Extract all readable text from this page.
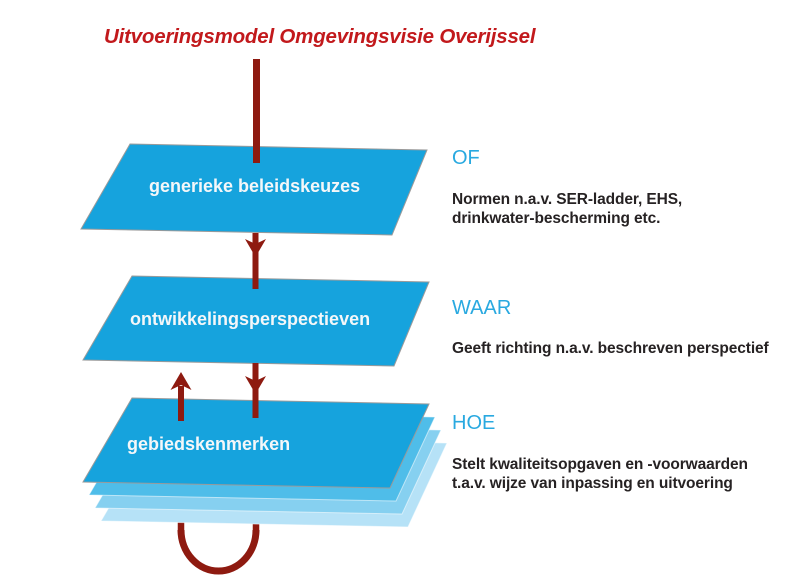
Uitvoeringsmodel Omgevingsvisie Overijssel
gebiedskenmerken
generieke beleidskeuzes
ontwikkelingsperspectieven
OF
Normen n.a.v. SER-ladder, EHS,
drinkwater-bescherming etc.
WAAR
Geeft richting n.a.v. beschreven perspectief
HOE
Stelt kwaliteitsopgaven en -voorwaarden
t.a.v. wijze van inpassing en uitvoering
